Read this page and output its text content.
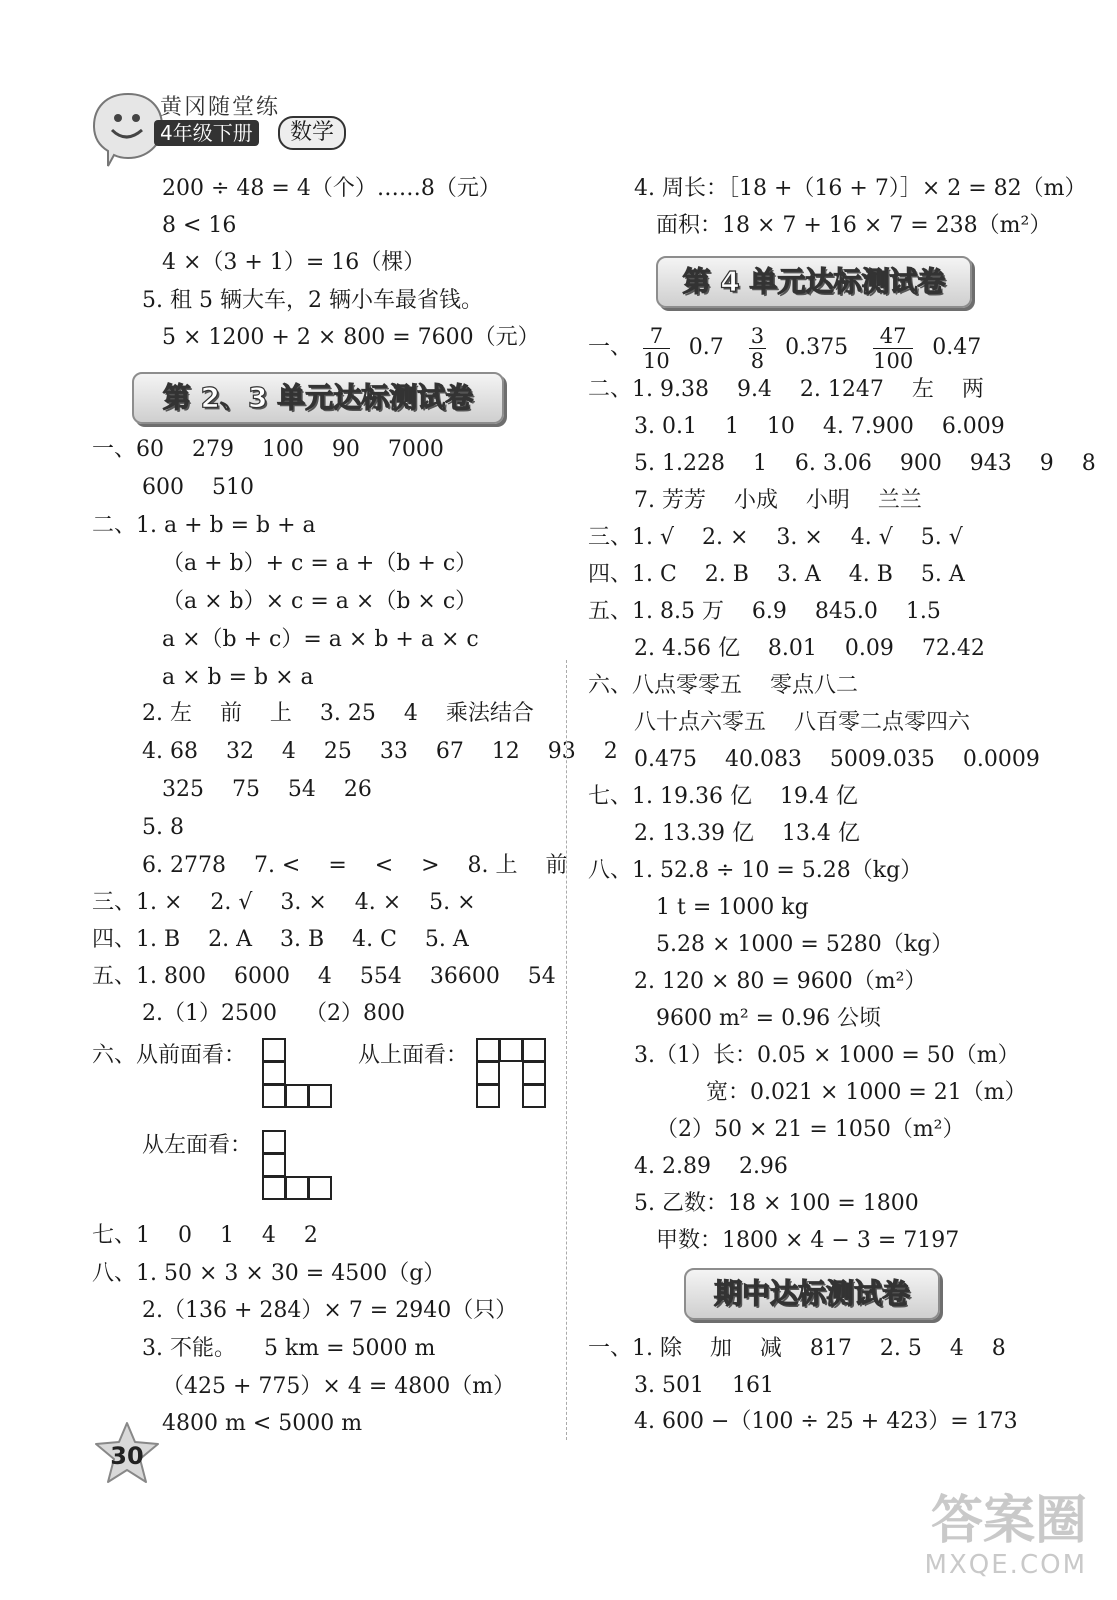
黄冈随堂练
4年级下册	数学
200 ÷ 48 = 4（个）……8（元）
8 < 16
4 ×（3 + 1）= 16（棵）
5. 租 5 辆大车，2 辆小车最省钱。
5 × 1200 + 2 × 800 = 7600（元）
第 2、3 单元达标测试卷
一、60    279    100    90    7000
600    510
二、1. a + b = b + a
（a + b）+ c = a +（b + c）
（a × b）× c = a ×（b × c）
a ×（b + c）= a × b + a × c
a × b = b × a
2. 左    前    上    3. 25    4    乘法结合
4. 68    32    4    25    33    67    12    93    2
325    75    54    26
5. 8
6. 2778    7. <    =    <    >    8. 上    前
三、1. ×    2. √    3. ×    4. ×    5. ×
四、1. B    2. A    3. B    4. C    5. A
五、1. 800    6000    4    554    36600    54
2.（1）2500    （2）800
六、从前面看：	从上面看：
从左面看：
七、1    0    1    4    2
八、1. 50 × 3 × 30 = 4500（g）
2.（136 + 284）× 7 = 2940（只）
3. 不能。    5 km = 5000 m
（425 + 775）× 4 = 4800（m）
4800 m < 5000 m
4. 周长：［18 +（16 + 7）］× 2 = 82（m）
面积：18 × 7 + 16 × 7 = 238（m²）
第 4 单元达标测试卷
一、 $\frac{7}{10} 0.7 \frac{3}{8} 0.375 \frac{47}{100} 0.47$
二、1. 9.38    9.4    2. 1247    左    两
3. 0.1    1    10    4. 7.900    6.009
5. 1.228    1    6. 3.06    900    943    9    8
7. 芳芳    小成    小明    兰兰
三、1. √    2. ×    3. ×    4. √    5. √
四、1. C    2. B    3. A    4. B    5. A
五、1. 8.5 万    6.9    845.0    1.5
2. 4.56 亿    8.01    0.09    72.42
六、八点零零五    零点八二
八十点六零五    八百零二点零四六
0.475    40.083    5009.035    0.0009
七、1. 19.36 亿    19.4 亿
2. 13.39 亿    13.4 亿
八、1. 52.8 ÷ 10 = 5.28（kg）
1 t = 1000 kg
5.28 × 1000 = 5280（kg）
2. 120 × 80 = 9600（m²）
9600 m² = 0.96 公顷
3.（1）长：0.05 × 1000 = 50（m）
宽：0.021 × 1000 = 21（m）
（2）50 × 21 = 1050（m²）
4. 2.89    2.96
5. 乙数：18 × 100 = 1800
甲数：1800 × 4 − 3 = 7197
期中达标测试卷
一、1. 除    加    减    817    2. 5    4    8
3. 501    161
4. 600 −（100 ÷ 25 + 423）= 173
30
答案圈
MXQE.COM
